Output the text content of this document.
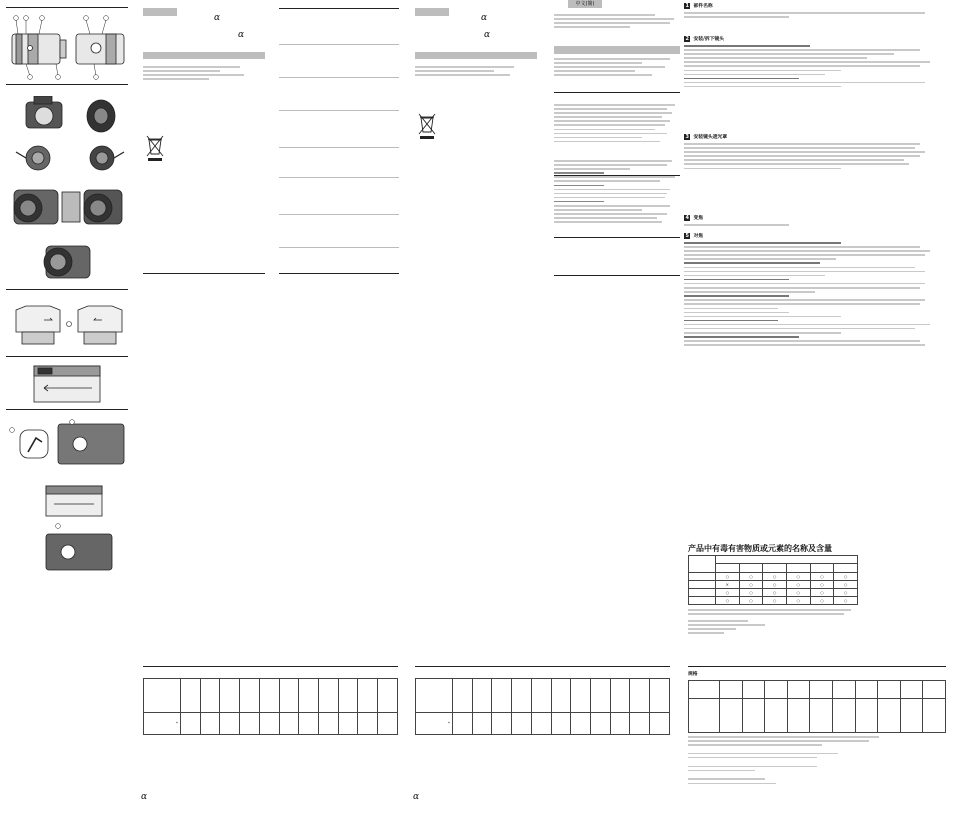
α
α

*											
α
α
α

*											
α
中文(簡)	1 部件名称
2 安装/拆下镜头
3 安装镜头遮光罩
4 变焦
5 对焦
产品中有毒有害物质或元素的名称及含量

	○	○	○	○	○	○
	×	○	○	○	○	○
	○	○	○	○	○	○
	○	○	○	○	○	○
规格
